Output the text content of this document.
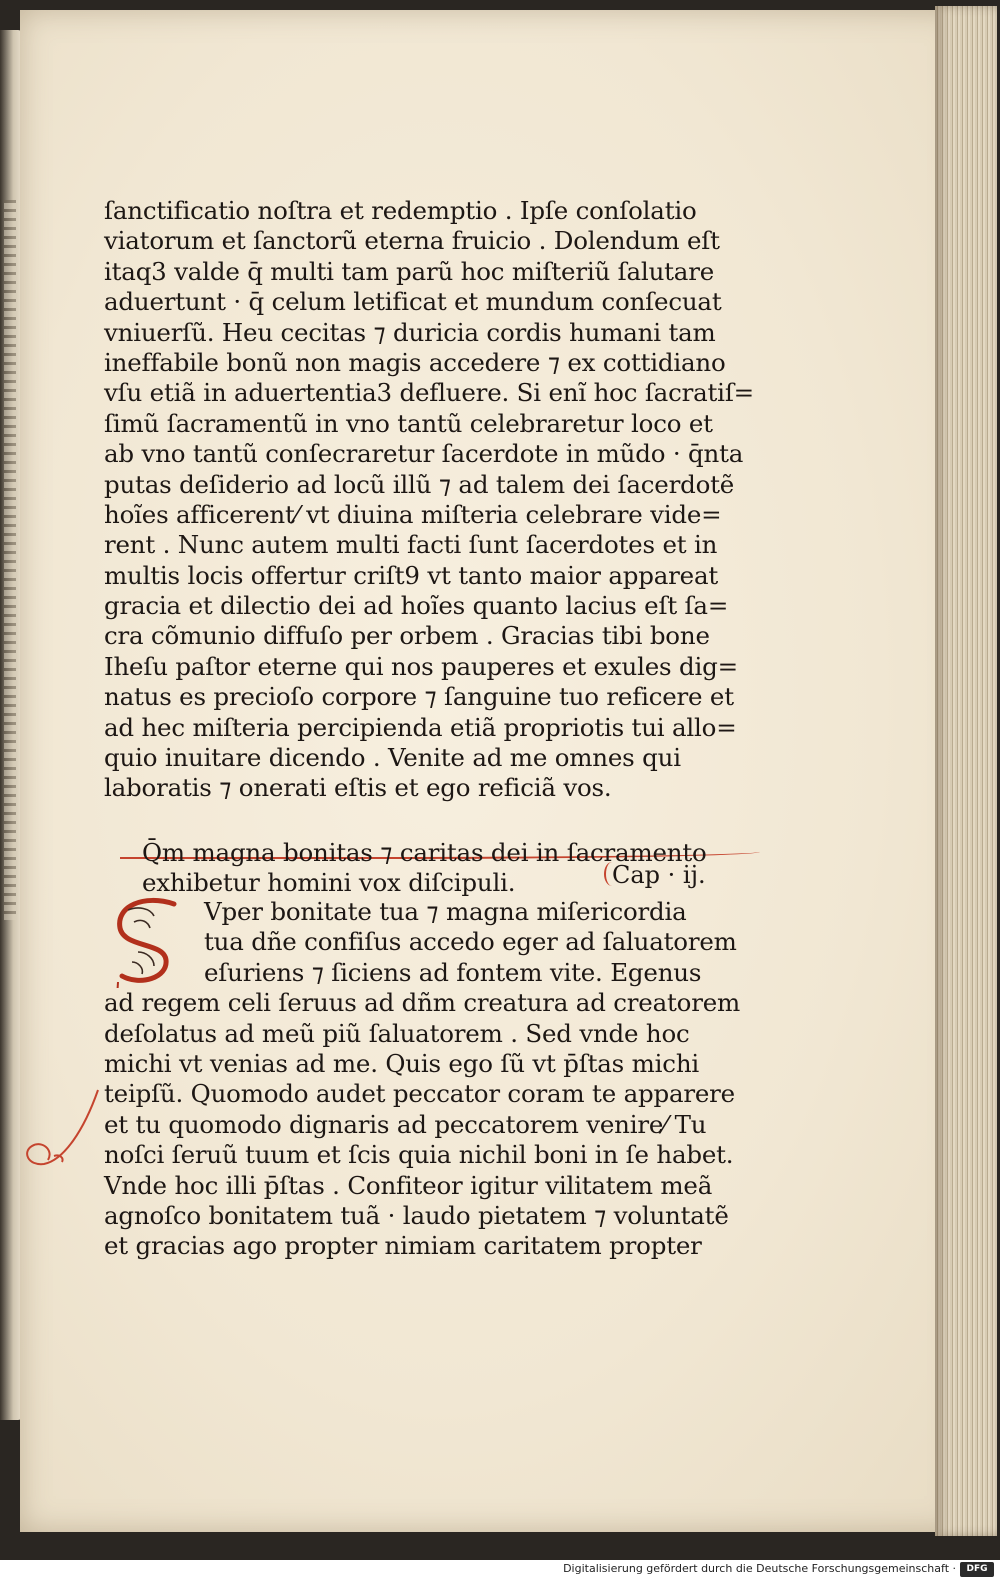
ſanctificatio noſtra et redemptio . Ipſe conſolatio
viatorum et ſanctorũ eterna fruicio . Dolendum eſt
itaq3 valde q̄ multi tam parũ hoc miſteriũ ſalutare
aduertunt · q̄ celum letificat et mundum conſecuat
vniuerſũ. Heu cecitas ⁊ duricia cordis humani tam
ineffabile bonũ non magis accedere ⁊ ex cottidiano
vſu etiã in aduertentia3 defluere. Si enĩ hoc ſacratiſ=
ſimũ ſacramentũ in vno tantũ celebraretur loco et
ab vno tantũ conſecraretur ſacerdote in mũdo · q̄nta
putas deſiderio ad locũ illũ ⁊ ad talem dei ſacerdotẽ
hoĩes afficerent⁄ vt diuina miſteria celebrare vide=
rent . Nunc autem multi facti ſunt ſacerdotes et in
multis locis offertur criſt9 vt tanto maior appareat
gracia et dilectio dei ad hoĩes quanto lacius eſt ſa=
cra cõmunio diffuſo per orbem . Gracias tibi bone
Iheſu paſtor eterne qui nos pauperes et exules dig=
natus es precioſo corpore ⁊ ſanguine tuo reficere et
ad hec miſteria percipienda etiã propriotis tui allo=
quio inuitare dicendo . Venite ad me omnes qui
laboratis ⁊ onerati eſtis et ego reficiã vos.
Q̄m magna bonitas ⁊ caritas dei in ſacramento
exhibetur homini vox diſcipuli.	Cap · ij.
Vper bonitate tua ⁊ magna miſericordia
tua dñe confiſus accedo eger ad ſaluatorem
eſuriens ⁊ ſiciens ad fontem vite. Egenus
ad regem celi ſeruus ad dñm creatura ad creatorem
deſolatus ad meũ piũ ſaluatorem . Sed vnde hoc
michi vt venias ad me. Quis ego ſũ vt p̄ſtas michi
teipſũ. Quomodo audet peccator coram te apparere
et tu quomodo dignaris ad peccatorem venire⁄ Tu
noſci ſeruũ tuum et ſcis quia nichil boni in ſe habet.
Vnde hoc illi p̄ſtas . Confiteor igitur vilitatem meã
agnoſco bonitatem tuã · laudo pietatem ⁊ voluntatẽ
et gracias ago propter nimiam caritatem propter
Digitalisierung gefördert durch die Deutsche Forschungsgemeinschaft ·	DFG
